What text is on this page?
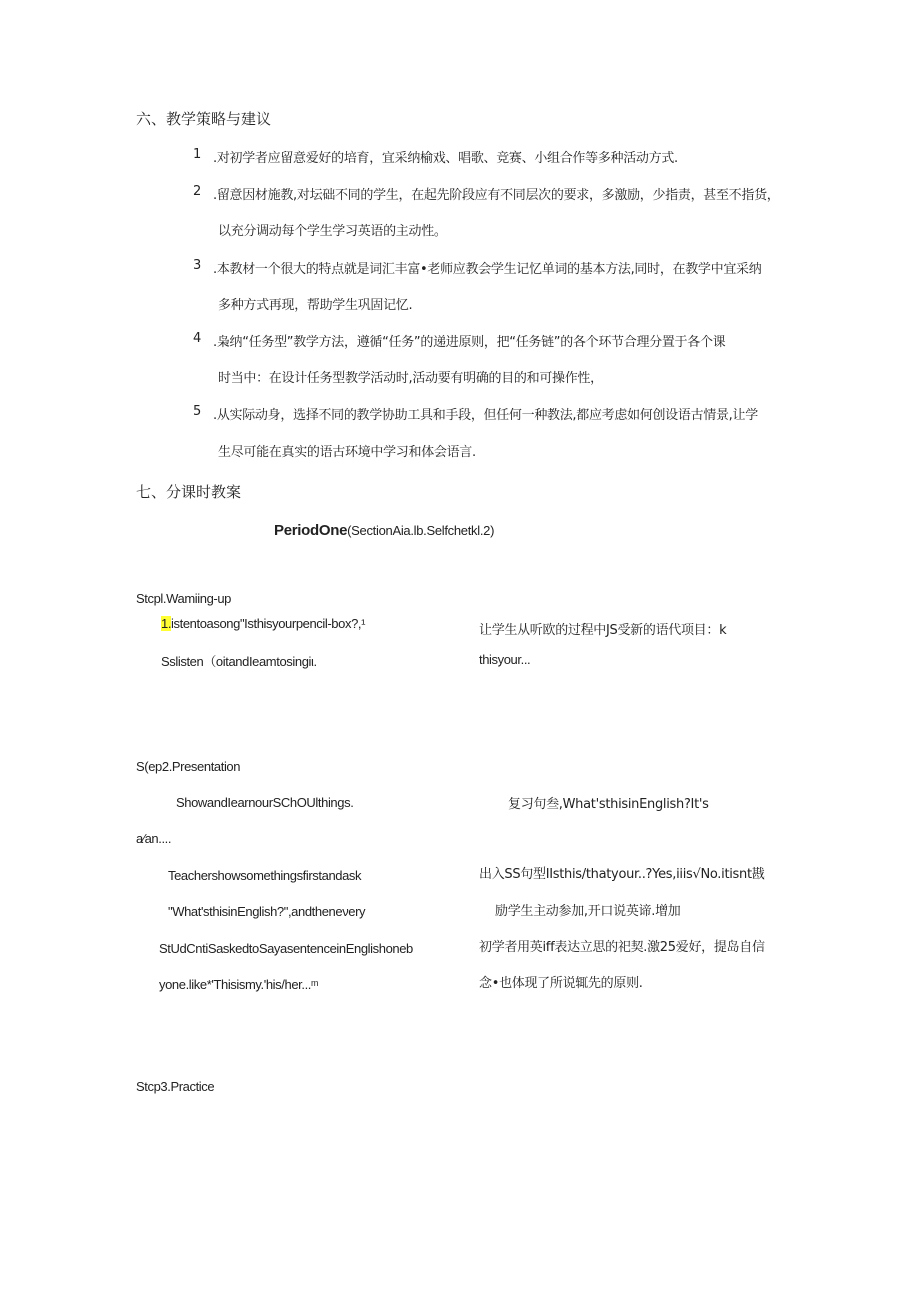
六、教学策略与建议
1 .对初学者应留意爱好的培育，宜采纳榆戏、唱歌、竞赛、小组合作等多种活动方式.
2 .留意因材施教,对坛础不同的学生，在起先阶段应有不同层次的要求，多激励，少指责，甚至不指货，
以充分调动每个学生学习英语的主动性。
3 .本教材一个很大的特点就是词汇丰富•老师应教会学生记忆单词的基本方法,同时，在教学中宜采纳
多种方式再现，帮助学生巩固记忆.
4 .枭纳“任务型”教学方法，遵循“任务”的递进原则，把“任务链”的各个环节合理分置于各个课
时当中：在设计任务型教学活动时,活动要有明确的目的和可操作性，
5 .从实际动身，选择不同的教学协助工具和手段，但任何一种教法,都应考虑如何创设语古情景,让学
生尽可能在真实的语古环境中学习和体会语言.
七、分课时教案
PeriodOne(SectionAia.lb.Selfchetkl.2)
Stcpl.Wamiing-up
1.istentoasong"Isthisyourpencil-box?,¹
Sslisten（oitandIeamtosingiι.
让学生从听欧的过程中JS受新的语代项目：k
thisyour...
S(ep2.Presentation
ShowandIearnourSChOUlthings.
a∕an....
Teachershowsomethingsfirstandask
"What'sthisinEnglish?",andtheneνery
StUdCntiSaskedtoSayasentenceinEnglishoneb
yone.like*'Thisismy.'his/her...ᵐ
复习句叁,What'sthisinEnglish?It's
出入SS句型IIsthis/thatyour..?Yes,iiis√No.itisnt戡
励学生主动参加,开口说英谛.增加
初学者用英iff表达立思的祀契.激25爱好，提岛自信
念•也体现了所说辄先的原则.
Stcp3.Practice
